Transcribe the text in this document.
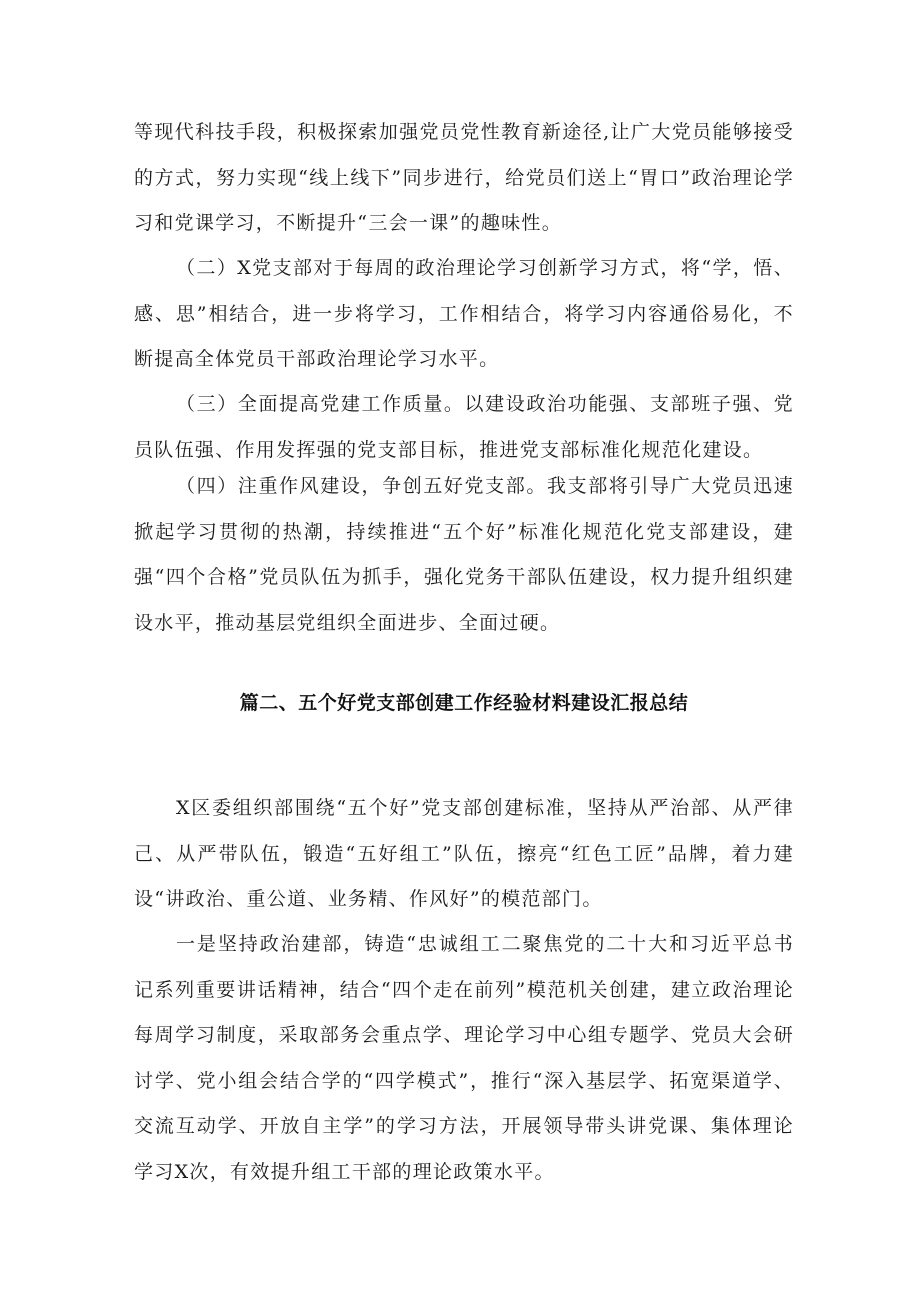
等现代科技手段，积极探索加强党员党性教育新途径,让广大党员能够接受的方式，努力实现“线上线下”同步进行，给党员们送上“胃口”政治理论学习和党课学习，不断提升“三会一课”的趣味性。

（二）X党支部对于每周的政治理论学习创新学习方式，将“学，悟、感、思”相结合，进一步将学习，工作相结合，将学习内容通俗易化，不断提高全体党员干部政治理论学习水平。

（三）全面提高党建工作质量。以建设政治功能强、支部班子强、党员队伍强、作用发挥强的党支部目标，推进党支部标准化规范化建设。

（四）注重作风建设，争创五好党支部。我支部将引导广大党员迅速掀起学习贯彻的热潮，持续推进“五个好”标准化规范化党支部建设，建强“四个合格”党员队伍为抓手，强化党务干部队伍建设，权力提升组织建设水平，推动基层党组织全面进步、全面过硬。

篇二、五个好党支部创建工作经验材料建设汇报总结

X区委组织部围绕“五个好”党支部创建标准，坚持从严治部、从严律己、从严带队伍，锻造“五好组工”队伍，擦亮“红色工匠”品牌，着力建设“讲政治、重公道、业务精、作风好”的模范部门。

一是坚持政治建部，铸造“忠诚组工二聚焦党的二十大和习近平总书记系列重要讲话精神，结合“四个走在前列”模范机关创建，建立政治理论每周学习制度，采取部务会重点学、理论学习中心组专题学、党员大会研讨学、党小组会结合学的“四学模式”，推行“深入基层学、拓宽渠道学、交流互动学、开放自主学”的学习方法，开展领导带头讲党课、集体理论学习X次，有效提升组工干部的理论政策水平。
